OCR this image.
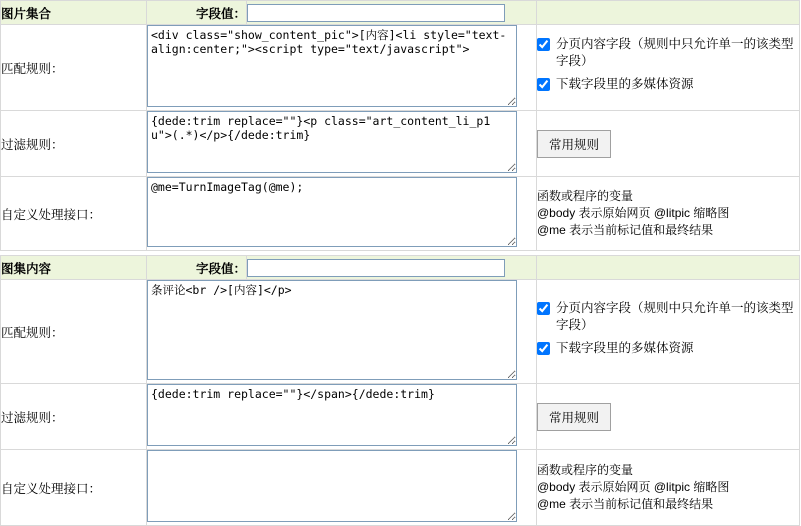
图片集合	字段值：		
匹配规则：	<div class="show_content_pic">[内容]<li style="text-align:center;"><script type="text/javascript">		分页内容字段（规则中只允许单一的该类型字段）
下载字段里的多媒体资源

过滤规则：	{dede:trim replace=""}<p class="art_content_li_p1 u">(.*)</p>{/dede:trim}		常用规则
自定义处理接口：	@me=TurnImageTag(@me);		函数或程序的变量
@body 表示原始网页 @litpic 缩略图
@me 表示当前标记值和最终结果
图集内容	字段值：		
匹配规则：	条评论<br />[内容]</p>		分页内容字段（规则中只允许单一的该类型字段）
下载字段里的多媒体资源

过滤规则：	{dede:trim replace=""}</span>{/dede:trim}		常用规则
自定义处理接口：			函数或程序的变量
@body 表示原始网页 @litpic 缩略图
@me 表示当前标记值和最终结果
